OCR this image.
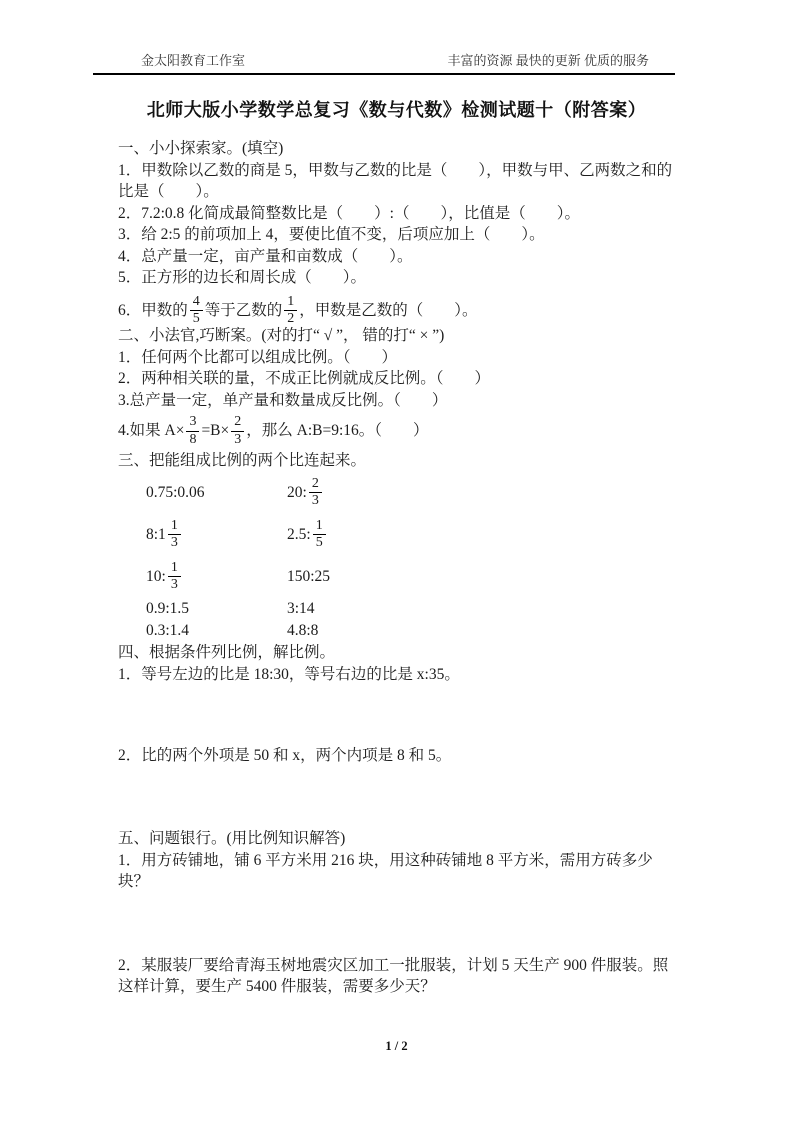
金太阳教育工作室	丰富的资源 最快的更新 优质的服务
北师大版小学数学总复习《数与代数》检测试题十（附答案）

一、小小探索家。(填空)

1．甲数除以乙数的商是 5，甲数与乙数的比是（　　），甲数与甲、乙两数之和的比是（　　）。

2．7.2:0.8 化简成最简整数比是（　　）:（　　），比值是（　　）。

3．给 2:5 的前项加上 4，要使比值不变，后项应加上（　　）。

4．总产量一定，亩产量和亩数成（　　）。

5．正方形的边长和周长成（　　）。

6．甲数的 $\frac{4}{5}$ 等于乙数的 $\frac{1}{2}$ ，甲数是乙数的（　　）。

二、小法官,巧断案。(对的打“ √ ”， 错的打“ × ”)

1．任何两个比都可以组成比例。（　　）

2．两种相关联的量，不成正比例就成反比例。（　　）

3.总产量一定，单产量和数量成反比例。（　　）

4.如果 $A\times \frac{3}{8} =B\times \frac{2}{3}$ ，那么 A:B=9:16。（　　）

三、把能组成比例的两个比连起来。

0.75:0.06	20: $\frac{2}{3}$
8:1 $\frac{1}{3}$	2.5: $\frac{1}{5}$
10: $\frac{1}{3}$	150:25
0.9:1.5	3:14
0.3:1.4	4.8:8

四、根据条件列比例，解比例。

1．等号左边的比是 18:30，等号右边的比是 x:35。

2．比的两个外项是 50 和 x，两个内项是 8 和 5。

五、问题银行。(用比例知识解答)

1．用方砖铺地，铺 6 平方米用 216 块，用这种砖铺地 8 平方米，需用方砖多少块？

2．某服装厂要给青海玉树地震灾区加工一批服装，计划 5 天生产 900 件服装。照这样计算，要生产 5400 件服装，需要多少天？

1 / 2
